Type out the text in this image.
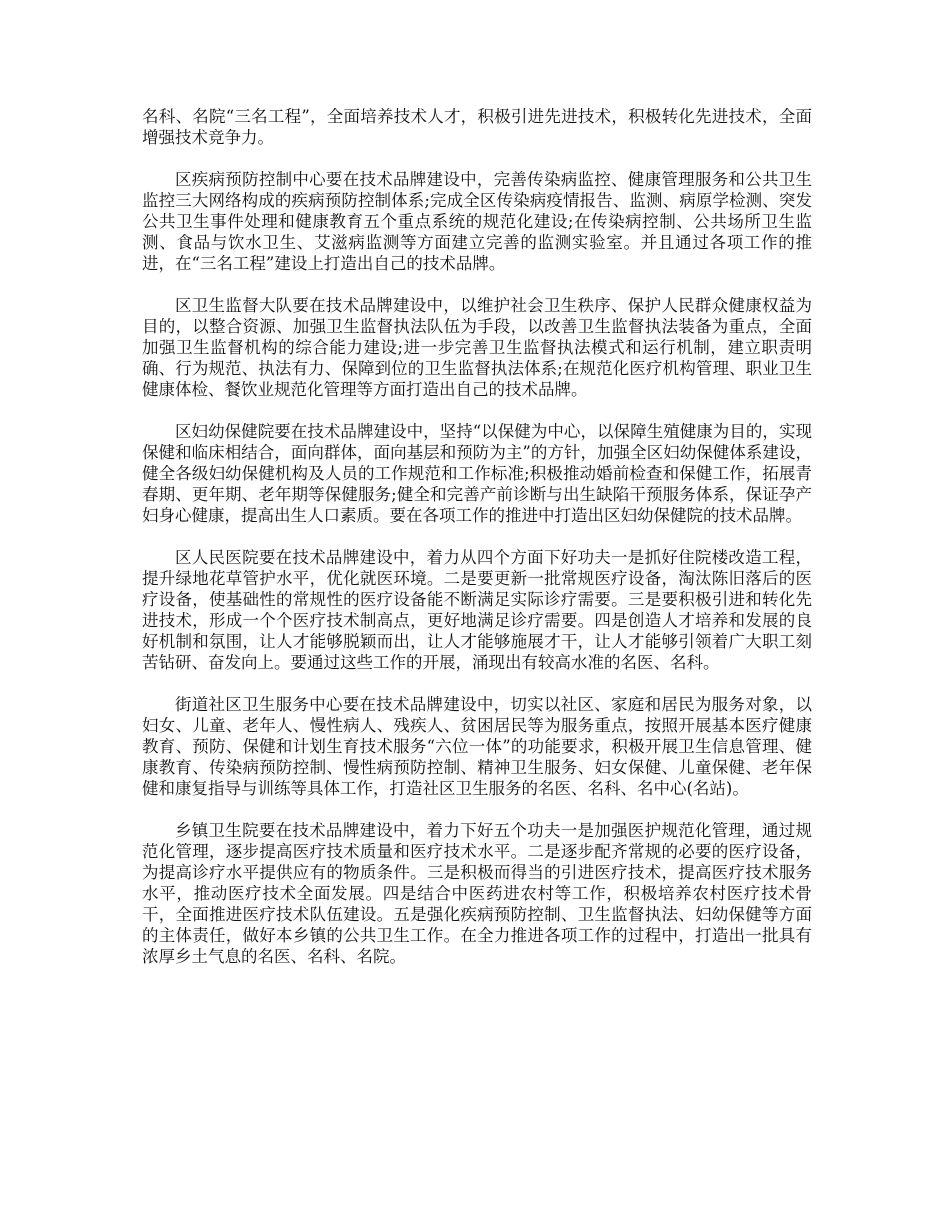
名科、名院“三名工程”，全面培养技术人才，积极引进先进技术，积极转化先进技术，全面增强技术竞争力。

区疾病预防控制中心要在技术品牌建设中，完善传染病监控、健康管理服务和公共卫生监控三大网络构成的疾病预防控制体系;完成全区传染病疫情报告、监测、病原学检测、突发公共卫生事件处理和健康教育五个重点系统的规范化建设;在传染病控制、公共场所卫生监测、食品与饮水卫生、艾滋病监测等方面建立完善的监测实验室。并且通过各项工作的推进，在“三名工程”建设上打造出自己的技术品牌。

区卫生监督大队要在技术品牌建设中，以维护社会卫生秩序、保护人民群众健康权益为目的，以整合资源、加强卫生监督执法队伍为手段，以改善卫生监督执法装备为重点，全面加强卫生监督机构的综合能力建设;进一步完善卫生监督执法模式和运行机制，建立职责明确、行为规范、执法有力、保障到位的卫生监督执法体系;在规范化医疗机构管理、职业卫生健康体检、餐饮业规范化管理等方面打造出自己的技术品牌。

区妇幼保健院要在技术品牌建设中，坚持“以保健为中心，以保障生殖健康为目的，实现保健和临床相结合，面向群体，面向基层和预防为主”的方针，加强全区妇幼保健体系建设，健全各级妇幼保健机构及人员的工作规范和工作标准;积极推动婚前检查和保健工作，拓展青春期、更年期、老年期等保健服务;健全和完善产前诊断与出生缺陷干预服务体系，保证孕产妇身心健康，提高出生人口素质。要在各项工作的推进中打造出区妇幼保健院的技术品牌。

区人民医院要在技术品牌建设中，着力从四个方面下好功夫一是抓好住院楼改造工程，提升绿地花草管护水平，优化就医环境。二是要更新一批常规医疗设备，淘汰陈旧落后的医疗设备，使基础性的常规性的医疗设备能不断满足实际诊疗需要。三是要积极引进和转化先进技术，形成一个个医疗技术制高点，更好地满足诊疗需要。四是创造人才培养和发展的良好机制和氛围，让人才能够脱颖而出，让人才能够施展才干，让人才能够引领着广大职工刻苦钻研、奋发向上。要通过这些工作的开展，涌现出有较高水准的名医、名科。

街道社区卫生服务中心要在技术品牌建设中，切实以社区、家庭和居民为服务对象，以妇女、儿童、老年人、慢性病人、残疾人、贫困居民等为服务重点，按照开展基本医疗健康教育、预防、保健和计划生育技术服务“六位一体”的功能要求，积极开展卫生信息管理、健康教育、传染病预防控制、慢性病预防控制、精神卫生服务、妇女保健、儿童保健、老年保健和康复指导与训练等具体工作，打造社区卫生服务的名医、名科、名中心(名站)。

乡镇卫生院要在技术品牌建设中，着力下好五个功夫一是加强医护规范化管理，通过规范化管理，逐步提高医疗技术质量和医疗技术水平。二是逐步配齐常规的必要的医疗设备，为提高诊疗水平提供应有的物质条件。三是积极而得当的引进医疗技术，提高医疗技术服务水平，推动医疗技术全面发展。四是结合中医药进农村等工作，积极培养农村医疗技术骨干，全面推进医疗技术队伍建设。五是强化疾病预防控制、卫生监督执法、妇幼保健等方面的主体责任，做好本乡镇的公共卫生工作。在全力推进各项工作的过程中，打造出一批具有浓厚乡土气息的名医、名科、名院。
